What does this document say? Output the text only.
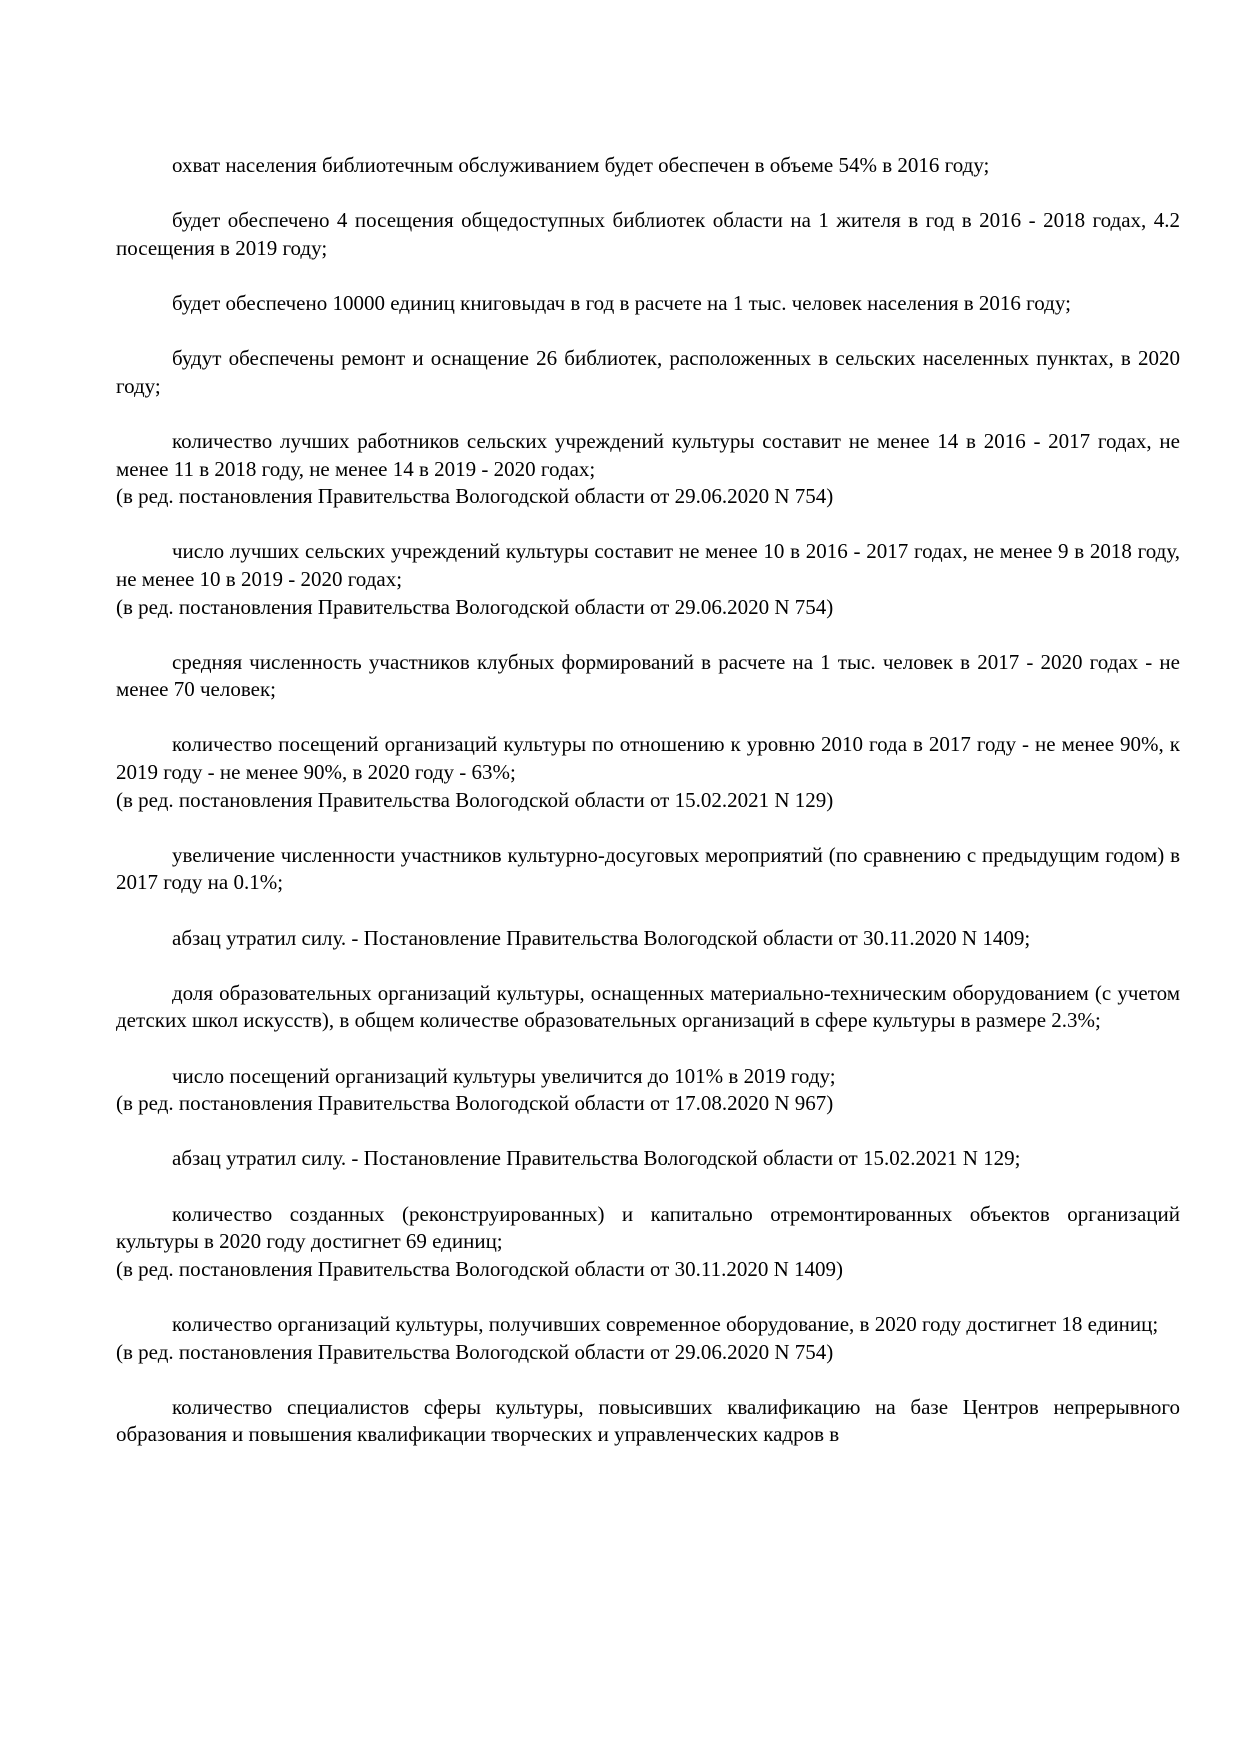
охват населения библиотечным обслуживанием будет обеспечен в объеме 54% в 2016 году;
будет обеспечено 4 посещения общедоступных библиотек области на 1 жителя в год в 2016 - 2018 годах, 4.2 посещения в 2019 году;
будет обеспечено 10000 единиц книговыдач в год в расчете на 1 тыс. человек населения в 2016 году;
будут обеспечены ремонт и оснащение 26 библиотек, расположенных в сельских населенных пунктах, в 2020 году;
количество лучших работников сельских учреждений культуры составит не менее 14 в 2016 - 2017 годах, не менее 11 в 2018 году, не менее 14 в 2019 - 2020 годах;
(в ред. постановления Правительства Вологодской области от 29.06.2020 N 754)
число лучших сельских учреждений культуры составит не менее 10 в 2016 - 2017 годах, не менее 9 в 2018 году, не менее 10 в 2019 - 2020 годах;
(в ред. постановления Правительства Вологодской области от 29.06.2020 N 754)
средняя численность участников клубных формирований в расчете на 1 тыс. человек в 2017 - 2020 годах - не менее 70 человек;
количество посещений организаций культуры по отношению к уровню 2010 года в 2017 году - не менее 90%, к 2019 году - не менее 90%, в 2020 году - 63%;
(в ред. постановления Правительства Вологодской области от 15.02.2021 N 129)
увеличение численности участников культурно-досуговых мероприятий (по сравнению с предыдущим годом) в 2017 году на 0.1%;
абзац утратил силу. - Постановление Правительства Вологодской области от 30.11.2020 N 1409;
доля образовательных организаций культуры, оснащенных материально-техническим оборудованием (с учетом детских школ искусств), в общем количестве образовательных организаций в сфере культуры в размере 2.3%;
число посещений организаций культуры увеличится до 101% в 2019 году;
(в ред. постановления Правительства Вологодской области от 17.08.2020 N 967)
абзац утратил силу. - Постановление Правительства Вологодской области от 15.02.2021 N 129;
количество созданных (реконструированных) и капитально отремонтированных объектов организаций культуры в 2020 году достигнет 69 единиц;
(в ред. постановления Правительства Вологодской области от 30.11.2020 N 1409)
количество организаций культуры, получивших современное оборудование, в 2020 году достигнет 18 единиц;
(в ред. постановления Правительства Вологодской области от 29.06.2020 N 754)
количество специалистов сферы культуры, повысивших квалификацию на базе Центров непрерывного образования и повышения квалификации творческих и управленческих кадров в
